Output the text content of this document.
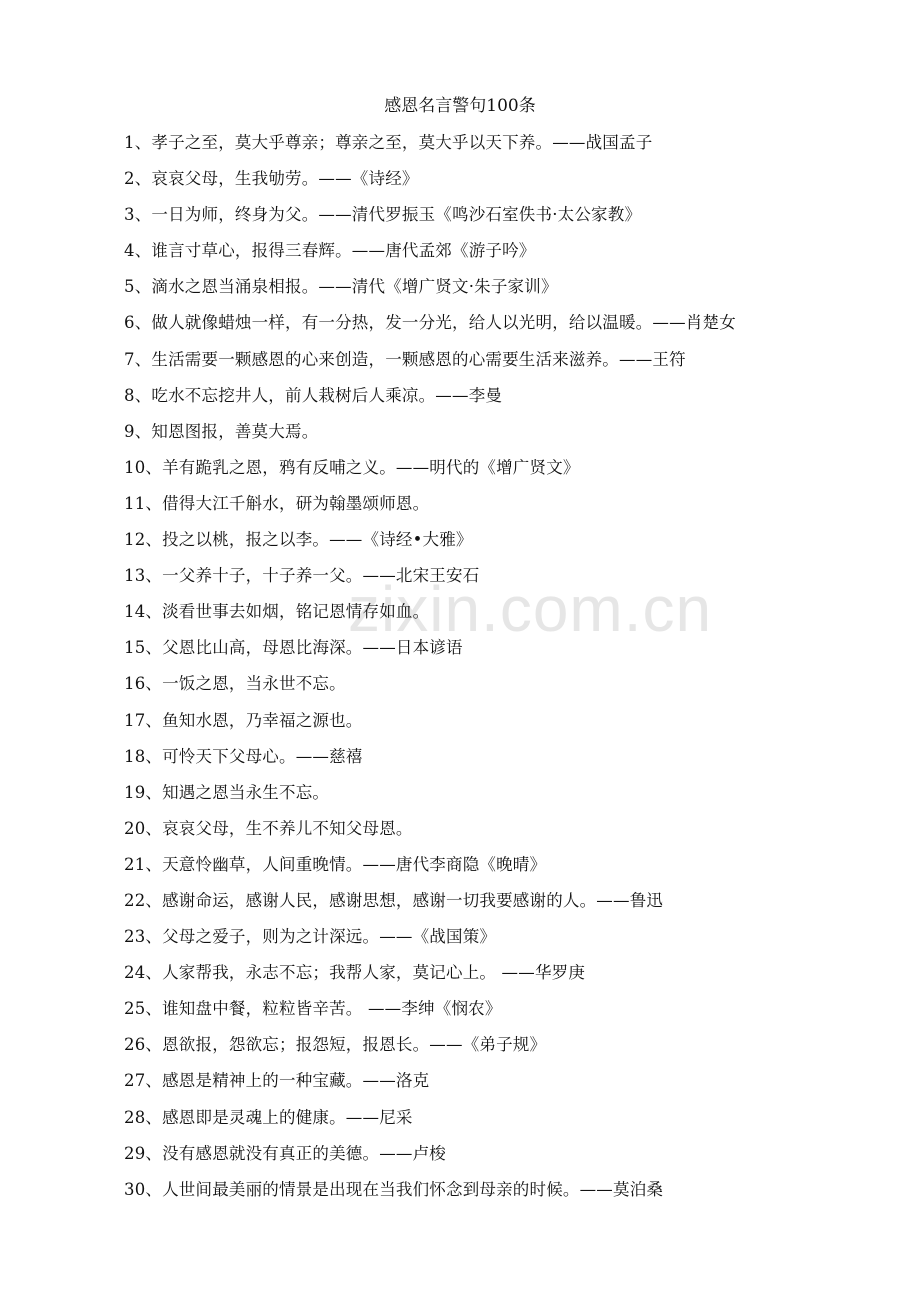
zixin.com.cn
感恩名言警句100条
1、孝子之至，莫大乎尊亲；尊亲之至，莫大乎以天下养。——战国孟子
2、哀哀父母，生我劬劳。——《诗经》
3、一日为师，终身为父。——清代罗振玉《鸣沙石室佚书·太公家教》
4、谁言寸草心，报得三春辉。——唐代孟郊《游子吟》
5、滴水之恩当涌泉相报。——清代《增广贤文·朱子家训》
6、做人就像蜡烛一样，有一分热，发一分光，给人以光明，给以温暖。——肖楚女
7、生活需要一颗感恩的心来创造，一颗感恩的心需要生活来滋养。——王符
8、吃水不忘挖井人，前人栽树后人乘凉。——李曼
9、知恩图报，善莫大焉。
10、羊有跪乳之恩，鸦有反哺之义。——明代的《增广贤文》
11、借得大江千斛水，研为翰墨颂师恩。
12、投之以桃，报之以李。——《诗经•大雅》
13、一父养十子，十子养一父。——北宋王安石
14、淡看世事去如烟，铭记恩情存如血。
15、父恩比山高，母恩比海深。——日本谚语
16、一饭之恩，当永世不忘。
17、鱼知水恩，乃幸福之源也。
18、可怜天下父母心。——慈禧
19、知遇之恩当永生不忘。
20、哀哀父母，生不养儿不知父母恩。
21、天意怜幽草，人间重晚情。——唐代李商隐《晚晴》
22、感谢命运，感谢人民，感谢思想，感谢一切我要感谢的人。——鲁迅
23、父母之爱子，则为之计深远。——《战国策》
24、人家帮我，永志不忘；我帮人家，莫记心上。 ——华罗庚
25、谁知盘中餐，粒粒皆辛苦。 ——李绅《悯农》
26、恩欲报，怨欲忘；报怨短，报恩长。——《弟子规》
27、感恩是精神上的一种宝藏。——洛克
28、感恩即是灵魂上的健康。——尼采
29、没有感恩就没有真正的美德。——卢梭
30、人世间最美丽的情景是出现在当我们怀念到母亲的时候。——莫泊桑
